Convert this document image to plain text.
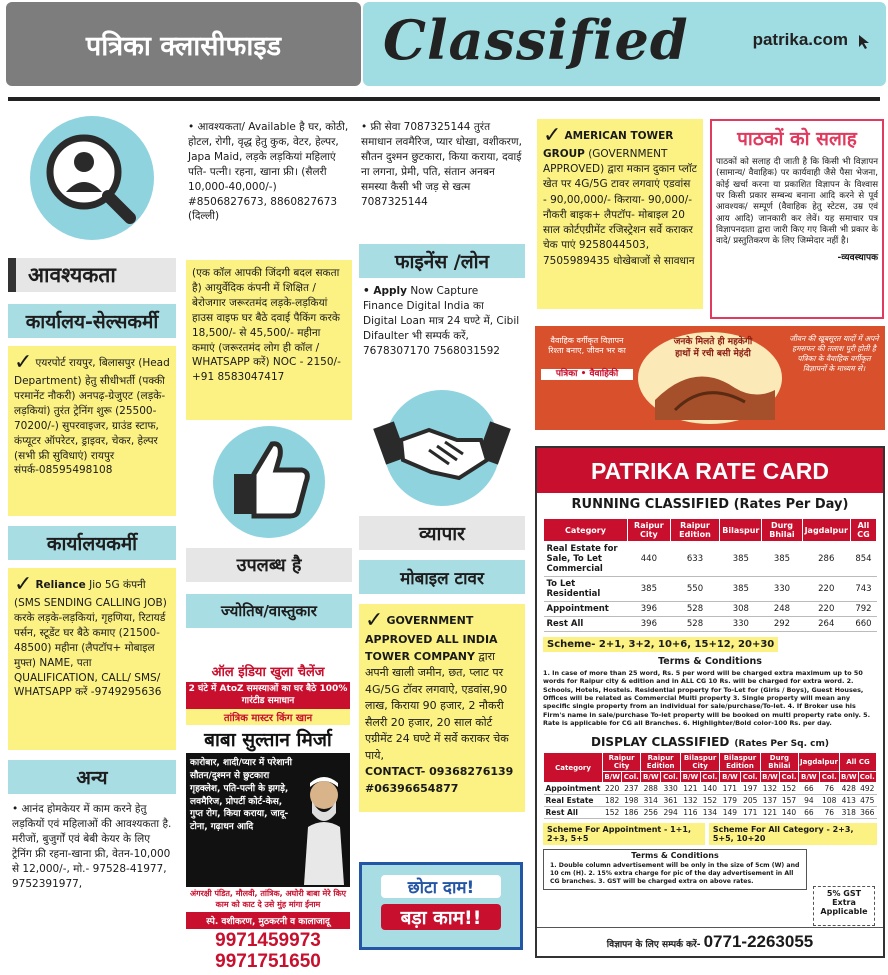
पत्रिका क्लासीफाइड	Classified	patrika.com
आवश्यकता
कार्यालय-सेल्सकर्मी
✓ एयरपोर्ट रायपुर, बिलासपुर (Head Department) हेतु सीधीभर्ती (पक्की परमानेंट नौकरी) अनपढ़-ग्रेजुएट (लड़के-लड़कियां) तुरंत ट्रेनिंग शुरू (25500-70200/-) सुपरवाइजर, ग्राउंड स्टाफ, कंप्यूटर ऑपरेटर, ड्राइवर, चेकर, हेल्पर (सभी फ्री सुविधाएं) रायपुर संपर्क-08595498108
कार्यालयकर्मी
✓ Reliance Jio 5G कंपनी (SMS SENDING CALLING JOB) करके लड़के-लड़कियां, गृहणिया, रिटायर्ड पर्सन, स्टूडेंट घर बैठे कमाए (21500-48500) महीना (लैपटॉप+ मोबाइल मुफ्त) NAME, पता QUALIFICATION, CALL/ SMS/ WHATSAPP करें -9749295636
अन्य
• आनंद होमकेयर में काम करने हेतु लड़कियों एवं महिलाओं की आवश्यकता है. मरीजों, बुजुर्गों एवं बेबी केयर के लिए ट्रेनिंग फ्री रहना-खाना फ्री, वेतन-10,000 से 12,000/-, मो.- 97528-41977, 9752391977,
• आवश्यकता/ Available है घर, कोठी, होटल, रोगी, वृद्ध हेतु कुक, वेटर, हेल्पर, Japa Maid, लड़के लड़कियां महिलाएं पति- पत्नी। रहना, खाना फ्री। (सैलरी 10,000-40,000/-) #8506827673, 8860827673 (दिल्ली)
(एक कॉल आपकी जिंदगी बदल सकता है) आयुर्वेदिक कंपनी में शिक्षित / बेरोजगार जरूरतमंद लड़के-लड़कियां हाउस वाइफ घर बैठे दवाई पैकिंग करके 18,500/- से 45,500/- महीना कमाएं (जरूरतमंद लोग ही कॉल / WHATSAPP करें) NOC - 2150/- +91 8583047417
उपलब्ध है
ज्योतिष/वास्तुकार
ऑल इंडिया खुला चैलेंज
2 घंटे में AtoZ समस्याओं का घर बैठे 100% गारंटीड समाधान
तांत्रिक मास्टर किंग खान
बाबा सुल्तान मिर्जा
कारोबार, शादी/प्यार में परेशानी सौतन/दुश्मन से छुटकारा गृहक्लेश, पति-पत्नी के झगड़े, लवमैरिज, प्रोपर्टी कोर्ट-केस, गुप्त रोग, किया कराया, जादू-टोना, गढ़ाधन आदि
अंगरक्षी पंडित, मौलवी, तांत्रिक, अघोरी बाबा मेरे किए काम को काट दे उसे मुंह मांगा ईनाम
स्पे. वशीकरण, मुठकरनी व कालाजादू
9971459973
9971751650
• फ्री सेवा 7087325144 तुरंत समाधान लवमैरिज, प्यार धोखा, वशीकरण, सौतन दुश्मन छुटकारा, किया कराया, दवाई ना लगना, प्रेमी, पति, संतान अनबन समस्या कैसी भी जड़ से खत्म 7087325144
फाइनेंस /लोन
• Apply Now Capture Finance Digital India का Digital Loan मात्र 24 घण्टे में, Cibil Difaulter भी सम्पर्क करें, 7678307170 7568031592
व्यापार
मोबाइल टावर
✓ GOVERNMENT APPROVED ALL INDIA TOWER COMPANY द्वारा अपनी खाली जमीन, छत, प्लाट पर 4G/5G टॉवर लगवाऐ, एडवांस,90 लाख, किराया 90 हजार, 2 नौकरी सैलरी 20 हजार, 20 साल कोर्ट एग्रीमेंट 24 घण्टे में सर्वे कराकर चेक पाये,
CONTACT- 09368276139 #06396654877
छोटा दाम!
बड़ा काम!!
✓ AMERICAN TOWER GROUP (GOVERNMENT APPROVED) द्वारा मकान दुकान प्लाॅट खेत पर 4G/5G टावर लगवाएं एडवांस - 90,00,000/- किराया- 90,000/- नौकरी बाइक+ लैपटॉप- मोबाइल 20 साल कोर्टएग्रीमेंट रजिस्ट्रेशन सर्वे कराकर चेक पाएं 9258044503, 7505989435 धोखेबाजों से सावधान
पाठकों को सलाह
पाठकों को सलाह दी जाती है कि किसी भी विज्ञापन (सामान्य/ वैवाहिक) पर कार्यवाही जैसे पैसा भेजना, कोई खर्चा करना या प्रकाशित विज्ञापन के विश्वास पर किसी प्रकार सम्बन्ध बनाना आदि करने से पूर्व आवश्यक/ सम्पूर्ण (वैवाहिक हेतु स्टेटस, उम्र एवं आय आदि) जानकारी कर लेवें। यह समाचार पत्र विज्ञापनदाता द्वारा जारी किए गए किसी भी प्रकार के वादे/ प्रस्तुतिकरण के लिए जिम्मेदार नहीं है।
-व्यवस्थापक
वैवाहिक वर्गीकृत विज्ञापन
रिश्ता बनाए, जीवन भर का
पत्रिका • वैवाहिकी
जनके मिलते ही महकेगी हाथों में रची बसी मेहंदी
जीवन की खूबसूरत यादों में अपने हमसफर की तलाश पूरी होती है पत्रिका के वैवाहिक वर्गीकृत विज्ञापनों के माध्यम से।
PATRIKA RATE CARD
RUNNING CLASSIFIED (Rates Per Day)
Category	Raipur City	Raipur Edition	Bilaspur	Durg Bhilai	Jagdalpur	All CG
Real Estate for Sale, To Let Commercial	440	633	385	385	286	854
To Let Residential	385	550	385	330	220	743
Appointment	396	528	308	248	220	792
Rest All	396	528	330	292	264	660
Scheme- 2+1, 3+2, 10+6, 15+12, 20+30
Terms & Conditions
1. In case of more than 25 word, Rs. 5 per word will be charged extra maximum up to 50 words for Raipur city & edition and in ALL CG 10 Rs. will be charged for extra word. 2. Schools, Hotels, Hostels. Residential property for To-Let for (Girls / Boys), Guest Houses, Offices will be related as Commercial Multi property 3. Single property will mean any specific single property from an individual for sale/purchase/To-let. 4. If Broker use his Firm's name in sale/purchase To-let property will be booked on multi property rate only. 5. Rate is applicable for CG all Branches. 6. Highlighter/Bold color-100 Rs. per day.
DISPLAY CLASSIFIED (Rates Per Sq. cm)
Category	Raipur City		Raipur Edition		Bilaspur City		Bilaspur Edition		Durg Bhilai		Jagdalpur		All CG	
	B/W	Col.	B/W	Col.	B/W	Col.	B/W	Col.	B/W	Col.	B/W	Col.	B/W	Col.
Appointment	220	237	288	330	121	140	171	197	132	152	66	76	428	492
Real Estate	182	198	314	361	132	152	179	205	137	157	94	108	413	475
Rest All	152	186	256	294	116	134	149	171	121	140	66	76	318	366
Scheme For Appointment - 1+1, 2+3, 5+5
Scheme For All Category - 2+3, 5+5, 10+20
Terms & Conditions
1. Double column advertisement will be only in the size of 5cm (W) and 10 cm (H). 2. 15% extra charge for pic of the day advertisement in All CG branches. 3. GST will be charged extra on above rates.
5% GST Extra Applicable
विज्ञापन के लिए सम्पर्क करें- 0771-2263055
